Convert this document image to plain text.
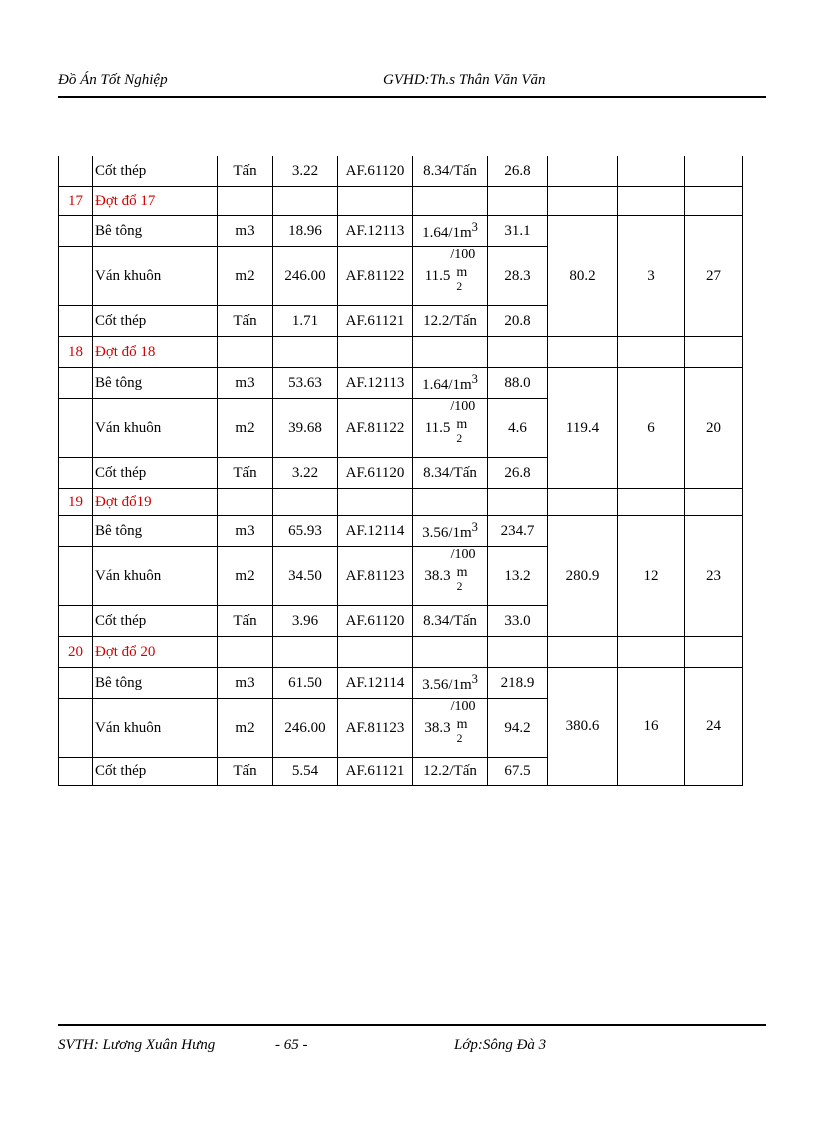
Đồ Án Tốt Nghiệp	GVHD:Th.s Thân Văn Văn
	Cốt thép	Tấn	3.22	AF.61120	8.34/Tấn	26.8			
17	Đợt đổ 17								
	Bê tông	m3	18.96	AF.12113	$1.64/1m^3$	31.1	80.2	3	27
	Ván khuôn	m2	246.00	AF.81122	11.5
/100
m
$^2$	28.3			
	Cốt thép	Tấn	1.71	AF.61121	12.2/Tấn	20.8			
18	Đợt đổ 18								
	Bê tông	m3	53.63	AF.12113	$1.64/1m^3$	88.0	119.4	6	20
	Ván khuôn	m2	39.68	AF.81122	11.5
/100
m
$^2$	4.6			
	Cốt thép	Tấn	3.22	AF.61120	8.34/Tấn	26.8			
19	Đợt đổ19								
	Bê tông	m3	65.93	AF.12114	$3.56/1m^3$	234.7	280.9	12	23
	Ván khuôn	m2	34.50	AF.81123	38.3
/100
m
$^2$	13.2			
	Cốt thép	Tấn	3.96	AF.61120	8.34/Tấn	33.0			
20	Đợt đổ 20								
	Bê tông	m3	61.50	AF.12114	$3.56/1m^3$	218.9	380.6	16	24
	Ván khuôn	m2	246.00	AF.81123	38.3
/100
m
$^2$	94.2			
	Cốt thép	Tấn	5.54	AF.61121	12.2/Tấn	67.5			
SVTH: Lương Xuân Hưng	- 65 -	Lớp:Sông Đà 3
